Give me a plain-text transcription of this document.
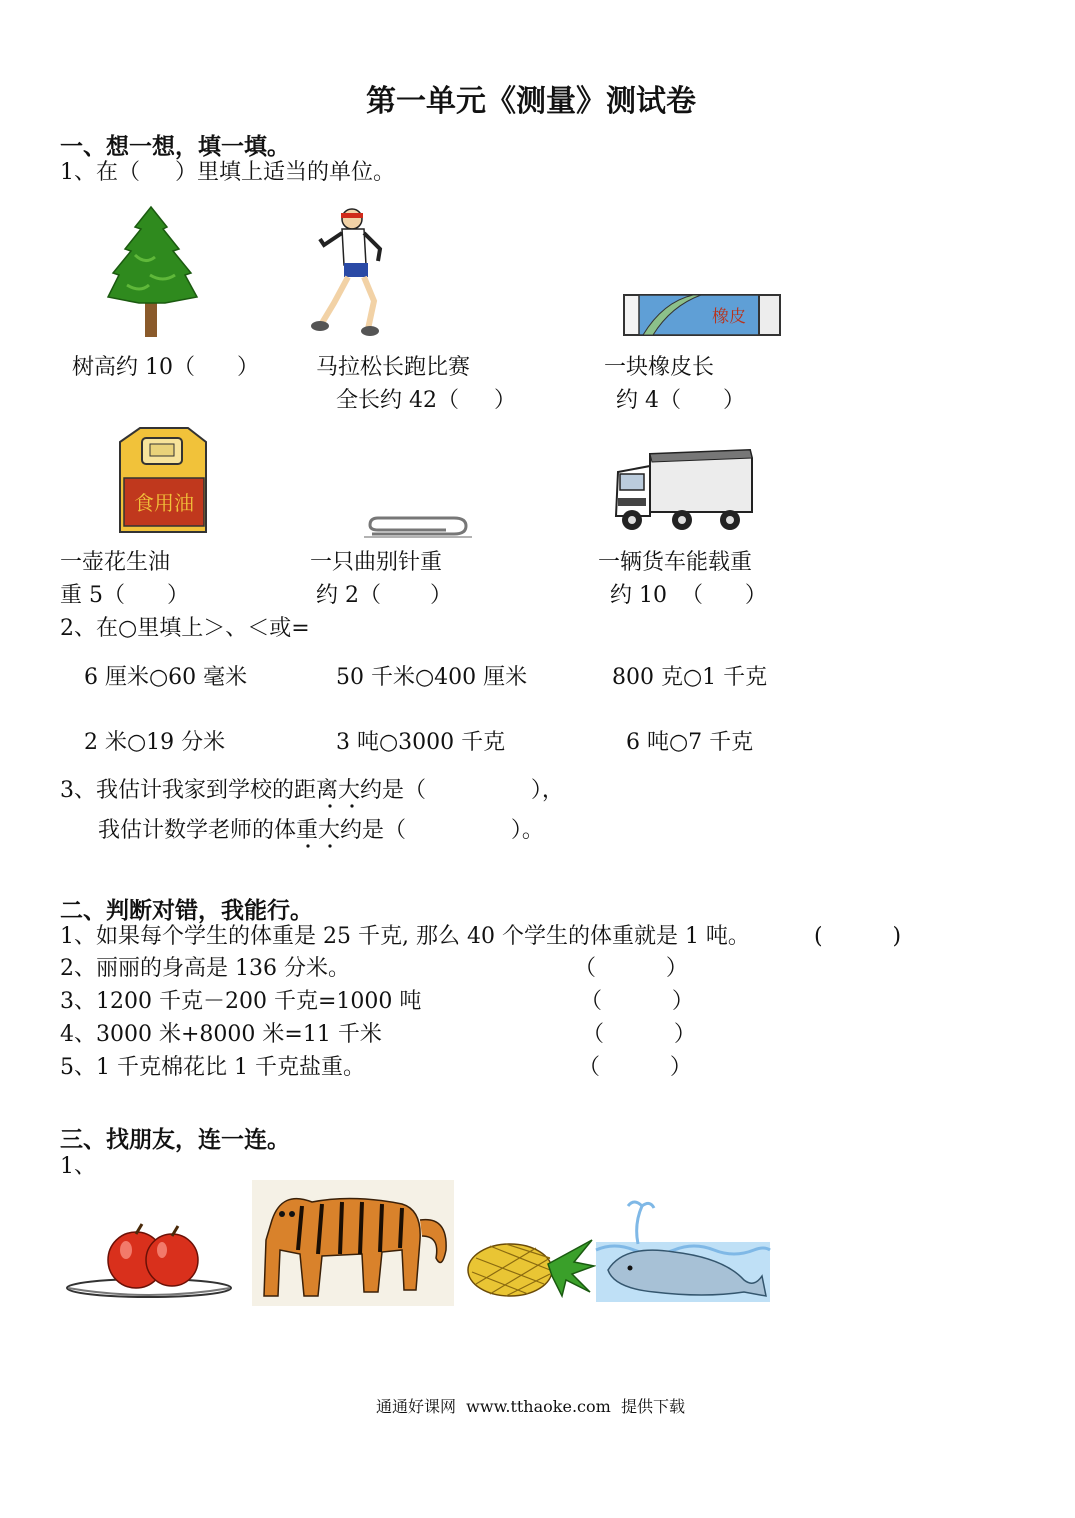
第一单元《测量》测试卷
一、想一想，填一填。
1、在（     ）里填上适当的单位。
橡皮
树高约 10（      ）	马拉松长跑比赛
全长约 42（     ）
一块橡皮长
约 4（      ）
食用油
一壶花生油
重 5（      ）
一只曲别针重
约 2（       ）
一辆货车能载重
约 10  （      ）
2、在○里填上＞、＜或=
6 厘米○60 毫米	50 千米○400 厘米	800 克○1 千克
2 米○19 分米	3 吨○3000 千克	6 吨○7 千克
3、我估计我家到学校的距离大约是（               ），
我估计数学老师的体重大约是（               ）。
二、判断对错，我能行。
1、如果每个学生的体重是 25 千克, 那么 40 个学生的体重就是 1 吨。	(          )
2、丽丽的身高是 136 分米。	（          ）
3、1200 千克－200 千克=1000 吨	（          ）
4、3000 米+8000 米=11 千米	（          ）
5、1 千克棉花比 1 千克盐重。	（          ）
三、找朋友，连一连。
1、
通通好课网  www.tthaoke.com  提供下载
